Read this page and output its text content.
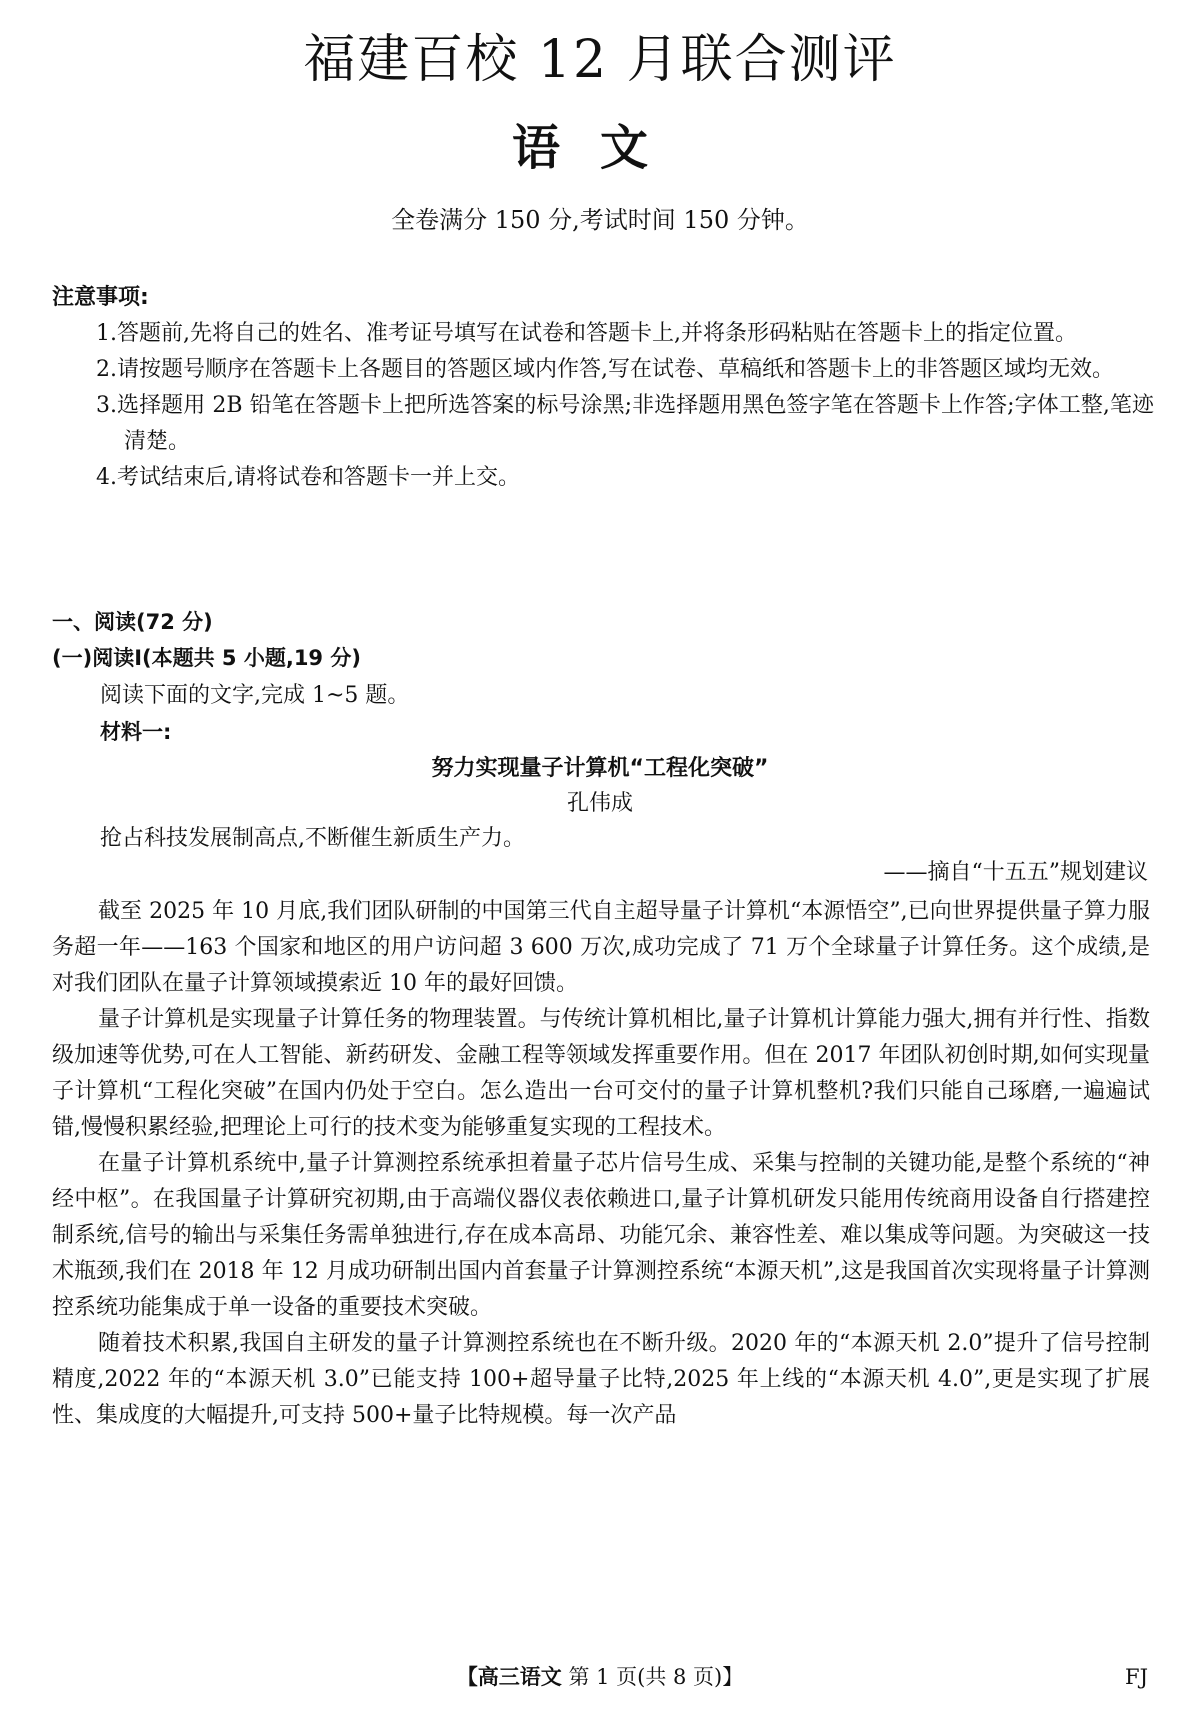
福建百校 12 月联合测评
语文
全卷满分 150 分,考试时间 150 分钟。
注意事项:
1.答题前,先将自己的姓名、准考证号填写在试卷和答题卡上,并将条形码粘贴在答题卡上的指定位置。
2.请按题号顺序在答题卡上各题目的答题区域内作答,写在试卷、草稿纸和答题卡上的非答题区域均无效。
3.选择题用 2B 铅笔在答题卡上把所选答案的标号涂黑;非选择题用黑色签字笔在答题卡上作答;字体工整,笔迹清楚。
4.考试结束后,请将试卷和答题卡一并上交。
一、阅读(72 分)
(一)阅读Ⅰ(本题共 5 小题,19 分)
阅读下面的文字,完成 1~5 题。
材料一:
努力实现量子计算机“工程化突破”
孔伟成
抢占科技发展制高点,不断催生新质生产力。
——摘自“十五五”规划建议

截至 2025 年 10 月底,我们团队研制的中国第三代自主超导量子计算机“本源悟空”,已向世界提供量子算力服务超一年——163 个国家和地区的用户访问超 3 600 万次,成功完成了 71 万个全球量子计算任务。这个成绩,是对我们团队在量子计算领域摸索近 10 年的最好回馈。

量子计算机是实现量子计算任务的物理装置。与传统计算机相比,量子计算机计算能力强大,拥有并行性、指数级加速等优势,可在人工智能、新药研发、金融工程等领域发挥重要作用。但在 2017 年团队初创时期,如何实现量子计算机“工程化突破”在国内仍处于空白。怎么造出一台可交付的量子计算机整机?我们只能自己琢磨,一遍遍试错,慢慢积累经验,把理论上可行的技术变为能够重复实现的工程技术。

在量子计算机系统中,量子计算测控系统承担着量子芯片信号生成、采集与控制的关键功能,是整个系统的“神经中枢”。在我国量子计算研究初期,由于高端仪器仪表依赖进口,量子计算机研发只能用传统商用设备自行搭建控制系统,信号的输出与采集任务需单独进行,存在成本高昂、功能冗余、兼容性差、难以集成等问题。为突破这一技术瓶颈,我们在 2018 年 12 月成功研制出国内首套量子计算测控系统“本源天机”,这是我国首次实现将量子计算测控系统功能集成于单一设备的重要技术突破。

随着技术积累,我国自主研发的量子计算测控系统也在不断升级。2020 年的“本源天机 2.0”提升了信号控制精度,2022 年的“本源天机 3.0”已能支持 100+超导量子比特,2025 年上线的“本源天机 4.0”,更是实现了扩展性、集成度的大幅提升,可支持 500+量子比特规模。每一次产品

【高三语文 第 1 页(共 8 页)】	FJ
